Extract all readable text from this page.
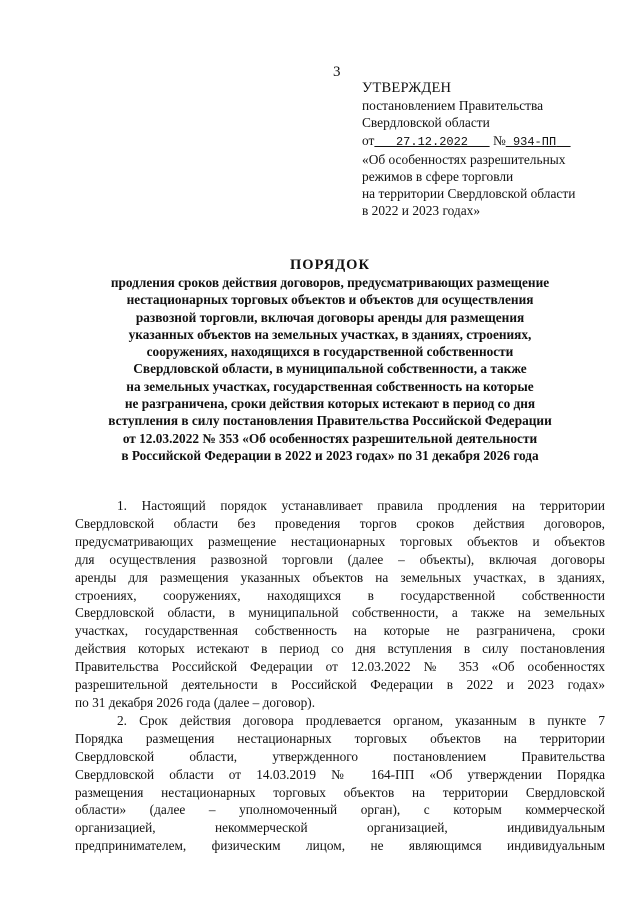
3
УТВЕРЖДЕН
постановлением Правительства
Свердловской области
от 27.12.2022 № 934-ПП
«Об особенностях разрешительных
режимов в сфере торговли
на территории Свердловской области
в 2022 и 2023 годах»
ПОРЯДОК
продления сроков действия договоров, предусматривающих размещение
нестационарных торговых объектов и объектов для осуществления
развозной торговли, включая договоры аренды для размещения
указанных объектов на земельных участках, в зданиях, строениях,
сооружениях, находящихся в государственной собственности
Свердловской области, в муниципальной собственности, а также
на земельных участках, государственная собственность на которые
не разграничена, сроки действия которых истекают в период со дня
вступления в силу постановления Правительства Российской Федерации
от 12.03.2022 № 353 «Об особенностях разрешительной деятельности
в Российской Федерации в 2022 и 2023 годах» по 31 декабря 2026 года
1. Настоящий порядок устанавливает правила продления на территории
Свердловской области без проведения торгов сроков действия договоров,
предусматривающих размещение нестационарных торговых объектов и объектов
для осуществления развозной торговли (далее – объекты), включая договоры
аренды для размещения указанных объектов на земельных участках, в зданиях,
строениях, сооружениях, находящихся в государственной собственности
Свердловской области, в муниципальной собственности, а также на земельных
участках, государственная собственность на которые не разграничена, сроки
действия которых истекают в период со дня вступления в силу постановления
Правительства Российской Федерации от 12.03.2022 № 353 «Об особенностях
разрешительной деятельности в Российской Федерации в 2022 и 2023 годах»
по 31 декабря 2026 года (далее – договор).
2. Срок действия договора продлевается органом, указанным в пункте 7
Порядка размещения нестационарных торговых объектов на территории
Свердловской области, утвержденного постановлением Правительства
Свердловской области от 14.03.2019 № 164-ПП «Об утверждении Порядка
размещения нестационарных торговых объектов на территории Свердловской
области» (далее – уполномоченный орган), с которым коммерческой
организацией, некоммерческой организацией, индивидуальным
предпринимателем, физическим лицом, не являющимся индивидуальным
